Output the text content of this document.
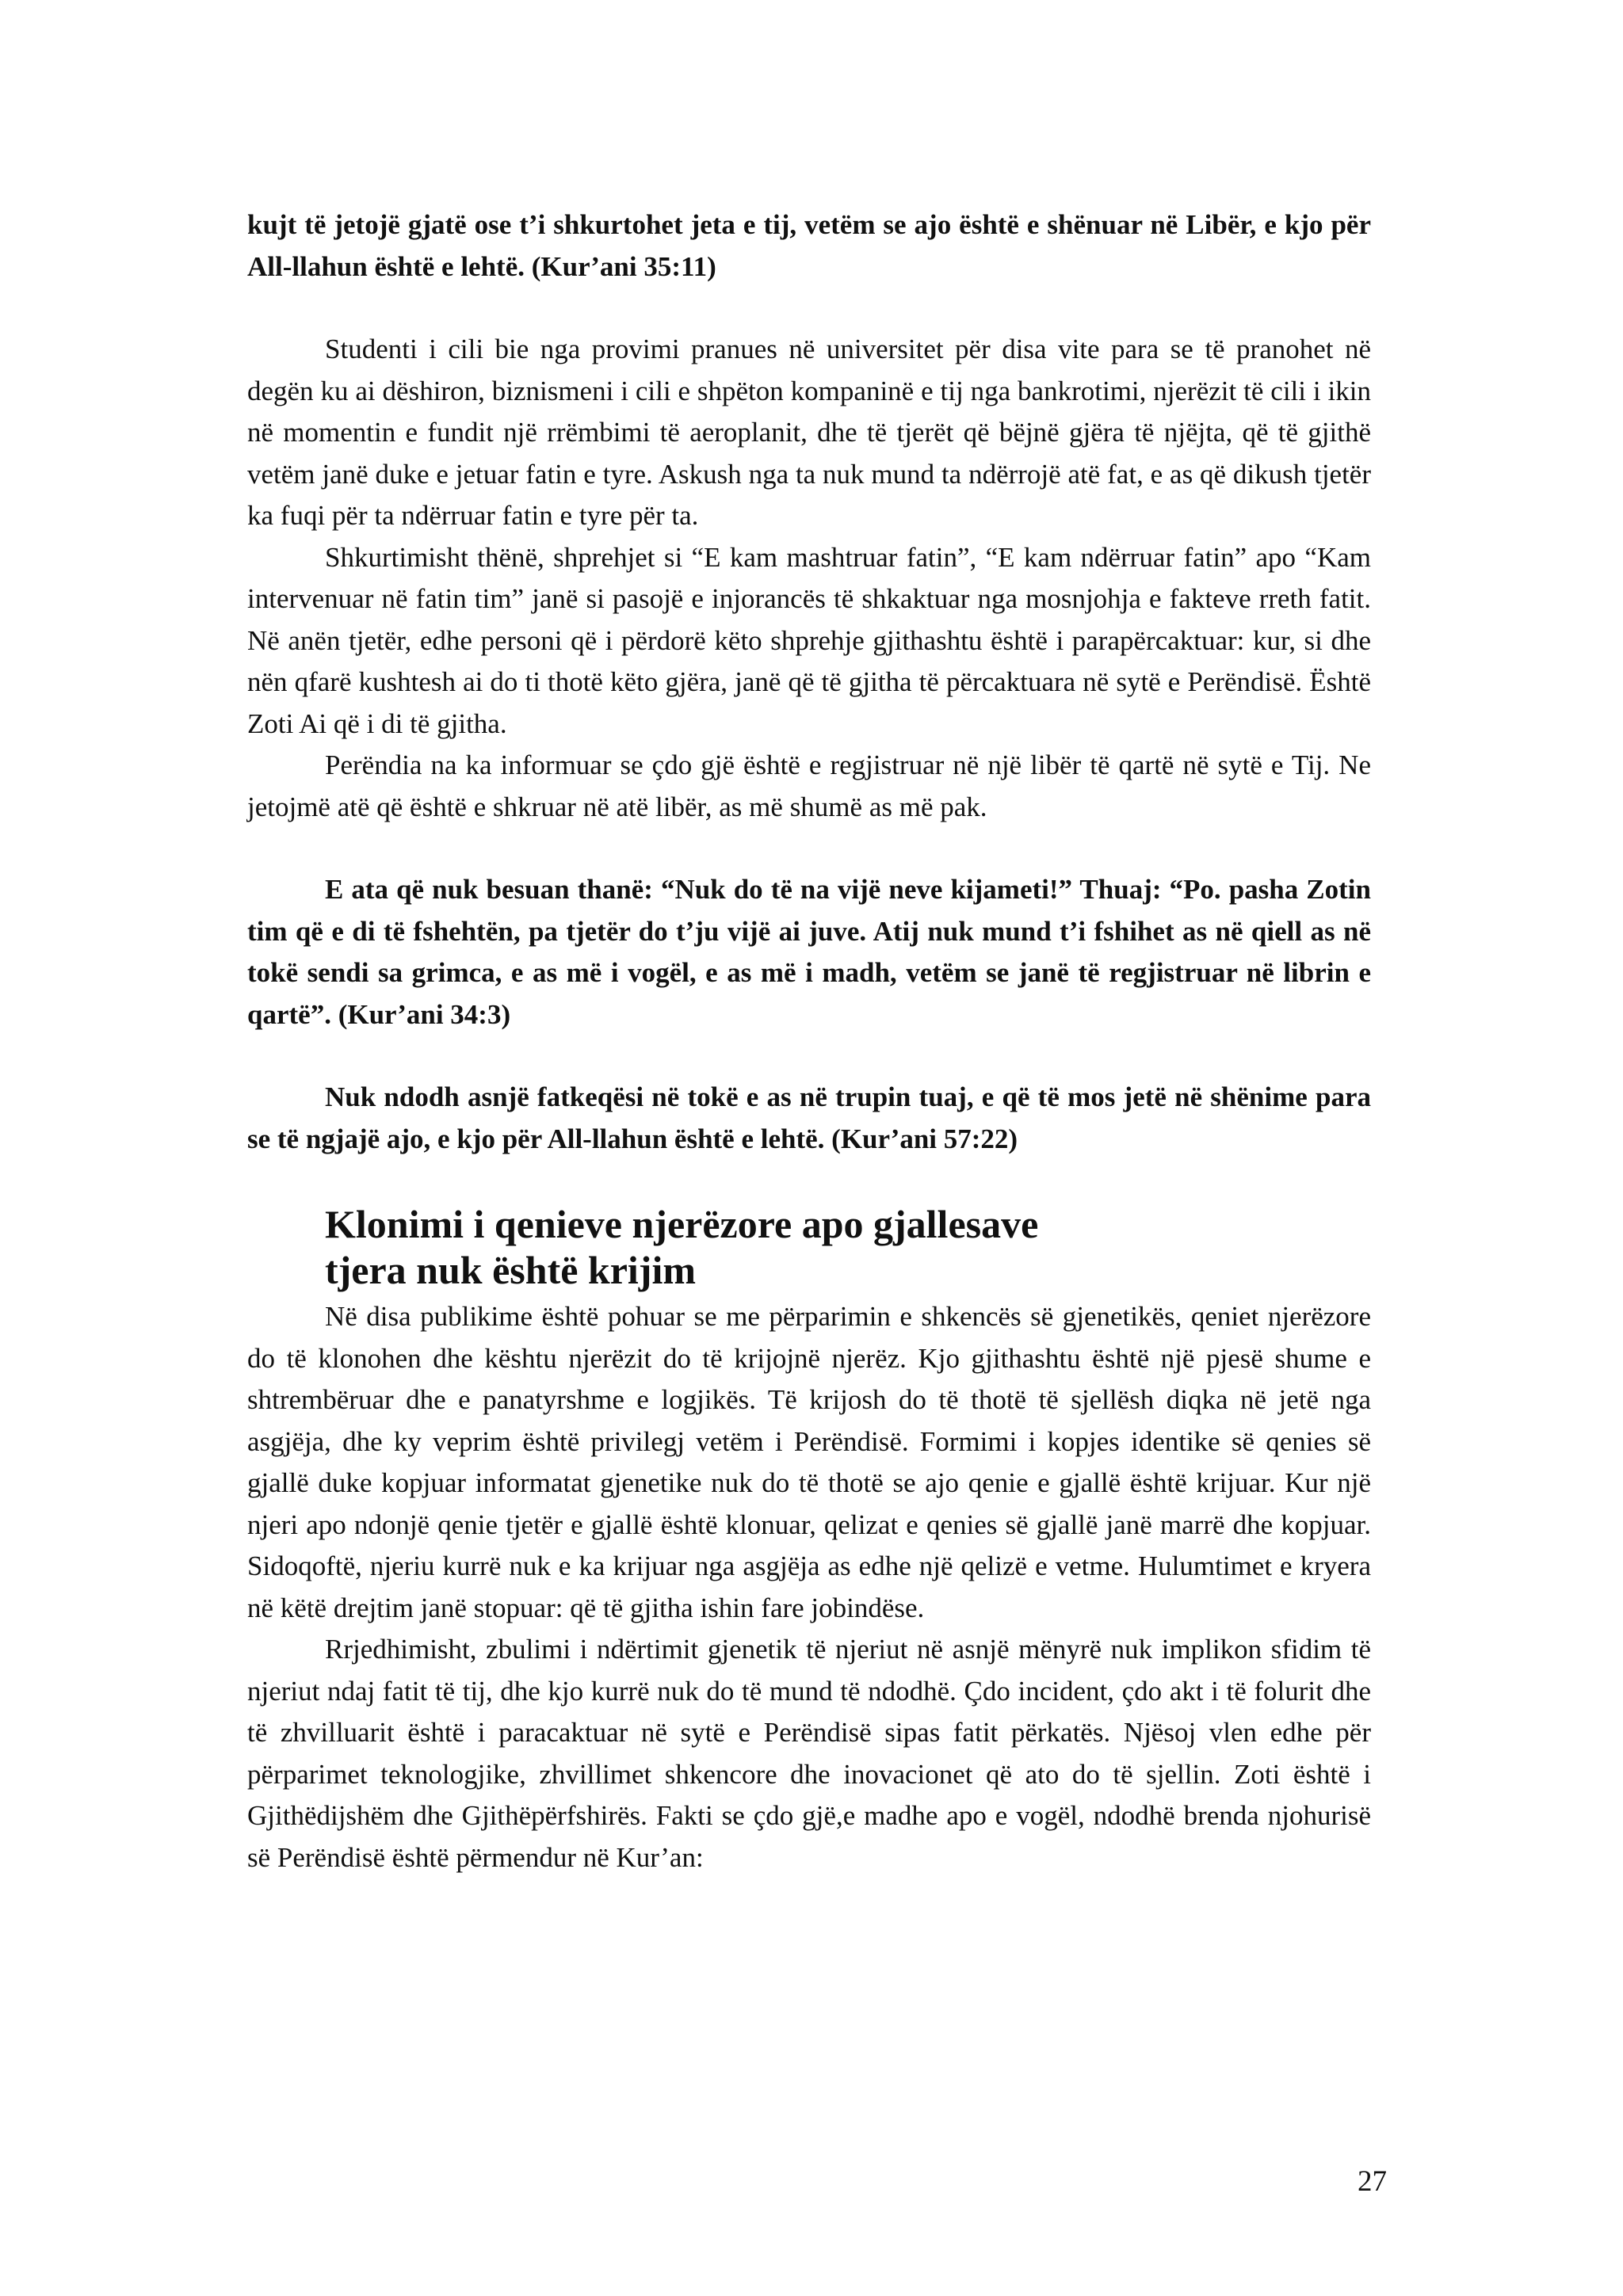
kujt të jetojë gjatë ose t’i shkurtohet jeta e tij, vetëm se ajo është e shënuar në Libër, e kjo për All-llahun është e lehtë. (Kur’ani 35:11)

Studenti i cili bie nga provimi pranues në universitet për disa vite para se të pranohet në degën ku ai dëshiron, biznismeni i cili e shpëton kompaninë e tij nga bankrotimi, njerëzit të cili i ikin në momentin e fundit një rrëmbimi të aeroplanit, dhe të tjerët që bëjnë gjëra të njëjta, që të gjithë vetëm janë duke e jetuar fatin e tyre. Askush nga ta nuk mund ta ndërrojë atë fat, e as që dikush tjetër ka fuqi për ta ndërruar fatin e tyre për ta.

Shkurtimisht thënë, shprehjet si “E kam mashtruar fatin”, “E kam ndërruar fatin” apo “Kam intervenuar në fatin tim” janë si pasojë e injorancës të shkaktuar nga mosnjohja e fakteve rreth fatit. Në anën tjetër, edhe personi që i përdorë këto shprehje gjithashtu është i parapërcaktuar: kur, si dhe nën qfarë kushtesh ai do ti thotë këto gjëra, janë që të gjitha të përcaktuara në sytë e Perëndisë. Është Zoti Ai që i di të gjitha.

Perëndia na ka informuar se çdo gjë është e regjistruar në një libër të qartë në sytë e Tij. Ne jetojmë atë që është e shkruar në atë libër, as më shumë as më pak.

E ata që nuk besuan thanë: “Nuk do të na vijë neve kijameti!” Thuaj: “Po. pasha Zotin tim që e di të fshehtën, pa tjetër do t’ju vijë ai juve. Atij nuk mund t’i fshihet as në qiell as në tokë sendi sa grimca, e as më i vogël, e as më i madh, vetëm se janë të regjistruar në librin e qartë”. (Kur’ani 34:3)

Nuk ndodh asnjë fatkeqësi në tokë e as në trupin tuaj, e që të mos jetë në shënime para se të ngjajë ajo, e kjo për All-llahun është e lehtë. (Kur’ani 57:22)

Klonimi i qenieve njerëzore apo gjallesave
tjera nuk është krijim

Në disa publikime është pohuar se me përparimin e shkencës së gjenetikës, qeniet njerëzore do të klonohen dhe kështu njerëzit do të krijojnë njerëz. Kjo gjithashtu është një pjesë shume e shtrembëruar dhe e panatyrshme e logjikës. Të krijosh do të thotë të sjellësh diqka në jetë nga asgjëja, dhe ky veprim është privilegj vetëm i Perëndisë. Formimi i kopjes identike së qenies së gjallë duke kopjuar informatat gjenetike nuk do të thotë se ajo qenie e gjallë është krijuar. Kur një njeri apo ndonjë qenie tjetër e gjallë është klonuar, qelizat e qenies së gjallë janë marrë dhe kopjuar. Sidoqoftë, njeriu kurrë nuk e ka krijuar nga asgjëja as edhe një qelizë e vetme. Hulumtimet e kryera në këtë drejtim janë stopuar: që të gjitha ishin fare jobindëse.

Rrjedhimisht, zbulimi i ndërtimit gjenetik të njeriut në asnjë mënyrë nuk implikon sfidim të njeriut ndaj fatit të tij, dhe kjo kurrë nuk do të mund të ndodhë. Çdo incident, çdo akt i të folurit dhe të zhvilluarit është i paracaktuar në sytë e Perëndisë sipas fatit përkatës. Njësoj vlen edhe për përparimet teknologjike, zhvillimet shkencore dhe inovacionet që ato do të sjellin. Zoti është i Gjithëdijshëm dhe Gjithëpërfshirës. Fakti se çdo gjë,e madhe apo e vogël, ndodhë brenda njohurisë së Perëndisë është përmendur në Kur’an:

27
